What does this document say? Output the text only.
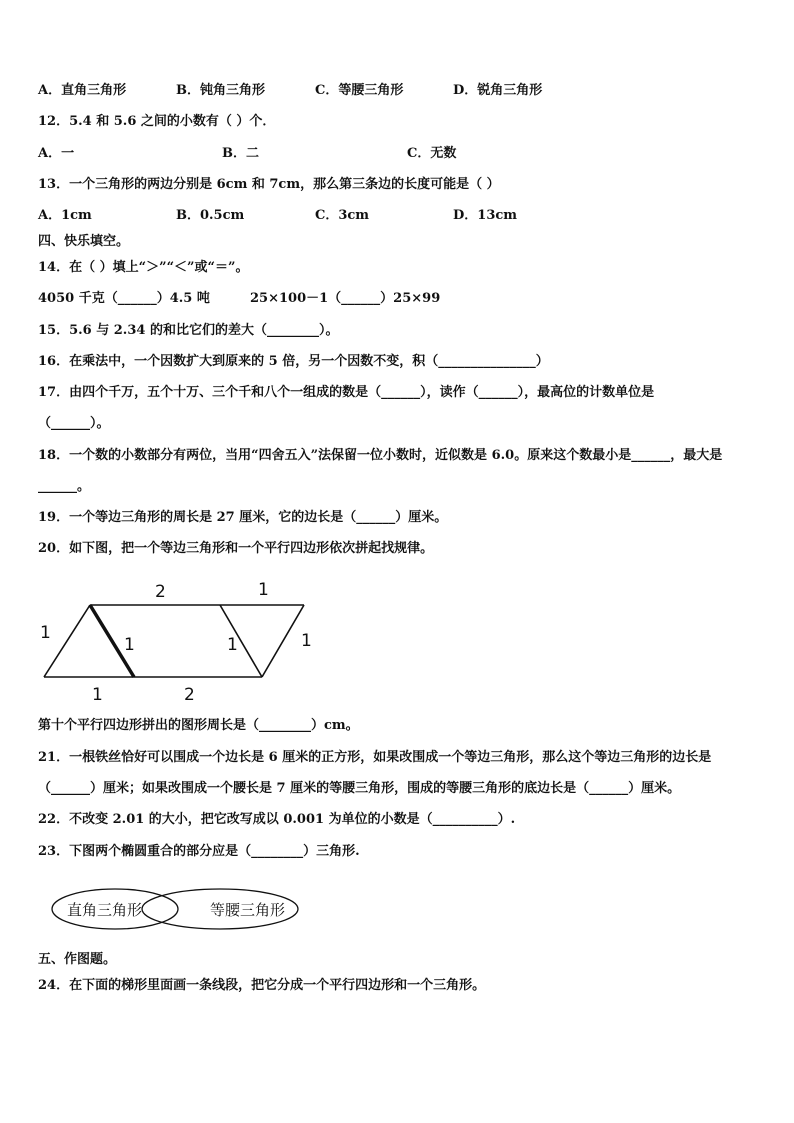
A．直角三角形	B．钝角三角形	C．等腰三角形	D．锐角三角形
12．5.4 和 5.6 之间的小数有（ ）个．
A．一	B．二	C．无数
13．一个三角形的两边分别是 6cm 和 7cm，那么第三条边的长度可能是（ ）
A．1cm	B．0.5cm	C．3cm	D．13cm
四、快乐填空。
14．在（ ）填上“＞”“＜”或“＝”。
4050 千克（______）4.5 吨	25×100－1（______）25×99
15．5.6 与 2.34 的和比它们的差大（________）。
16．在乘法中，一个因数扩大到原来的 5 倍，另一个因数不变，积（_______________）
17．由四个千万，五个十万、三个千和八个一组成的数是（______），读作（______），最高位的计数单位是
（______）。
18．一个数的小数部分有两位，当用“四舍五入”法保留一位小数时，近似数是 6.0。原来这个数最小是______，最大是
______。
19．一个等边三角形的周长是 27 厘米，它的边长是（______）厘米。
20．如下图，把一个等边三角形和一个平行四边形依次拼起找规律。
1
2	1
1	1	1
1	2
第十个平行四边形拼出的图形周长是（________）cm。
21．一根铁丝恰好可以围成一个边长是 6 厘米的正方形，如果改围成一个等边三角形，那么这个等边三角形的边长是
（______）厘米；如果改围成一个腰长是 7 厘米的等腰三角形，围成的等腰三角形的底边长是（______）厘米。
22．不改变 2.01 的大小，把它改写成以 0.001 为单位的小数是（__________）.
23．下图两个椭圆重合的部分应是（________）三角形.
直角三角形	等腰三角形
五、作图题。
24．在下面的梯形里面画一条线段，把它分成一个平行四边形和一个三角形。
